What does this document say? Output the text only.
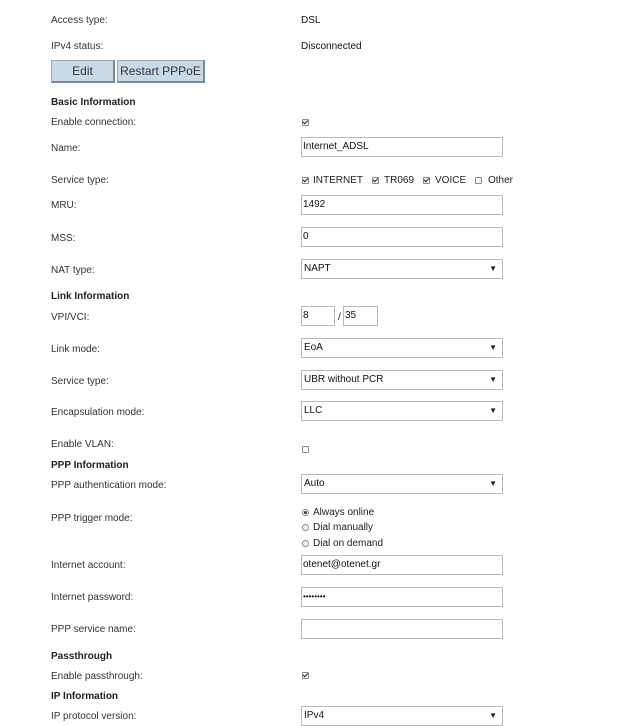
Access type:	DSL
IPv4 status:	Disconnected
Edit	Restart PPPoE
Basic Information
Enable connection:
Name:	Internet_ADSL
Service type:	INTERNET TR069 VOICE Other
MRU:	1492
MSS:	0
NAT type:	NAPT	▼
Link Information
VPI/VCI:	8	/ 35
Link mode:	EoA	▼
Service type:	UBR without PCR	▼
Encapsulation mode:	LLC	▼
Enable VLAN:
PPP Information
PPP authentication mode:	Auto	▼
PPP trigger mode:
Always online
Dial manually
Dial on demand
Internet account:	otenet@otenet.gr
Internet password:	••••••••
PPP service name:
Passthrough
Enable passthrough:
IP Information
IP protocol version:	IPv4	▼
